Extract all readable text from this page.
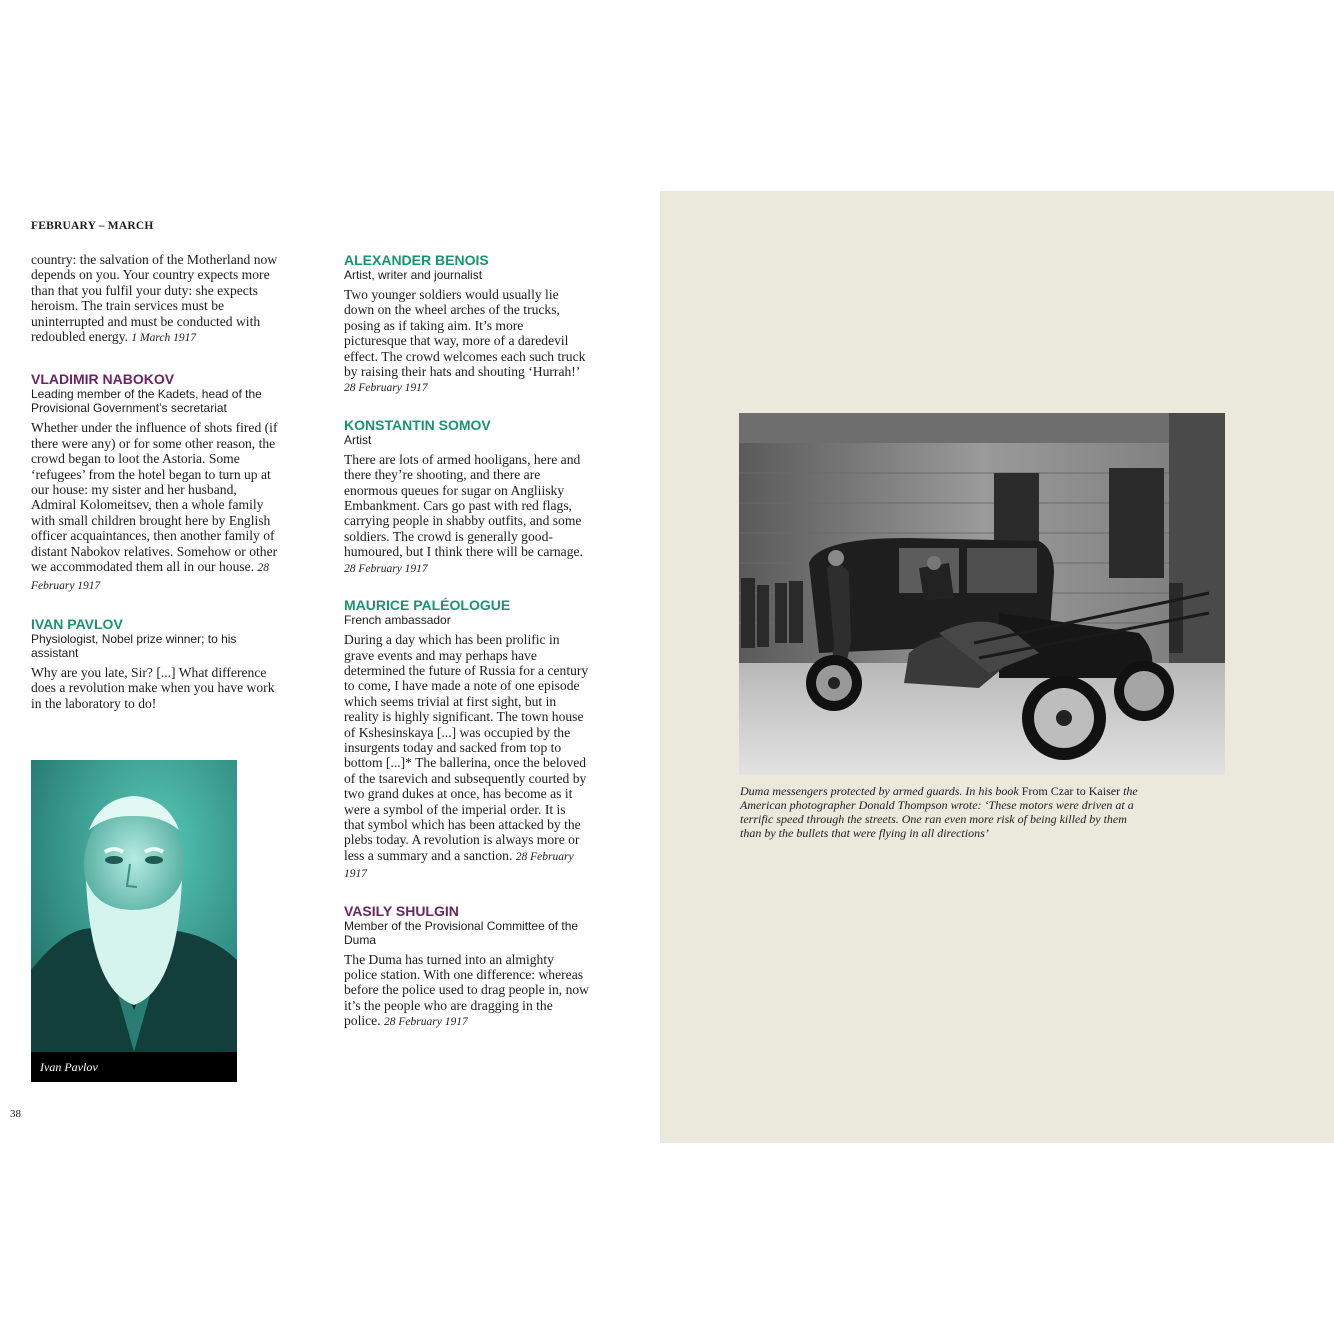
FEBRUARY – MARCH

country: the salvation of the Motherland now depends on you. Your country expects more than that you fulfil your duty: she expects heroism. The train services must be uninterrupted and must be conducted with redoubled energy. 1 March 1917

VLADIMIR NABOKOV

Leading member of the Kadets, head of the Provisional Government’s secretariat

Whether under the influence of shots fired (if there were any) or for some other reason, the crowd began to loot the Astoria. Some ‘refugees’ from the hotel began to turn up at our house: my sister and her husband, Admiral Kolomeitsev, then a whole family with small children brought here by English officer acquaintances, then another family of distant Nabokov relatives. Somehow or other we accommodated them all in our house. 28 February 1917

IVAN PAVLOV

Physiologist, Nobel prize winner; to his assistant

Why are you late, Sir? [...] What difference does a revolution make when you have work in the laboratory to do!

Ivan Pavlov

ALEXANDER BENOIS

Artist, writer and journalist

Two younger soldiers would usually lie down on the wheel arches of the trucks, posing as if taking aim. It’s more picturesque that way, more of a daredevil effect. The crowd welcomes each such truck by raising their hats and shouting ‘Hurrah!’ 28 February 1917

KONSTANTIN SOMOV

Artist

There are lots of armed hooligans, here and there they’re shooting, and there are enormous queues for sugar on Angliisky Embankment. Cars go past with red flags, carrying people in shabby outfits, and some soldiers. The crowd is generally good-humoured, but I think there will be carnage. 28 February 1917

MAURICE PALÉOLOGUE

French ambassador

During a day which has been prolific in grave events and may perhaps have determined the future of Russia for a century to come, I have made a note of one episode which seems trivial at first sight, but in reality is highly significant. The town house of Kshesinskaya [...] was occupied by the insurgents today and sacked from top to bottom [...]* The ballerina, once the beloved of the tsarevich and subsequently courted by two grand dukes at once, has become as it were a symbol of the imperial order. It is that symbol which has been attacked by the plebs today. A revolution is always more or less a summary and a sanction. 28 February 1917

VASILY SHULGIN

Member of the Provisional Committee of the Duma

The Duma has turned into an almighty police station. With one difference: whereas before the police used to drag people in, now it’s the people who are dragging in the police. 28 February 1917

Duma messengers protected by armed guards. In his book From Czar to Kaiser the American photographer Donald Thompson wrote: ‘These motors were driven at a terrific speed through the streets. One ran even more risk of being killed by them than by the bullets that were flying in all directions’
38
